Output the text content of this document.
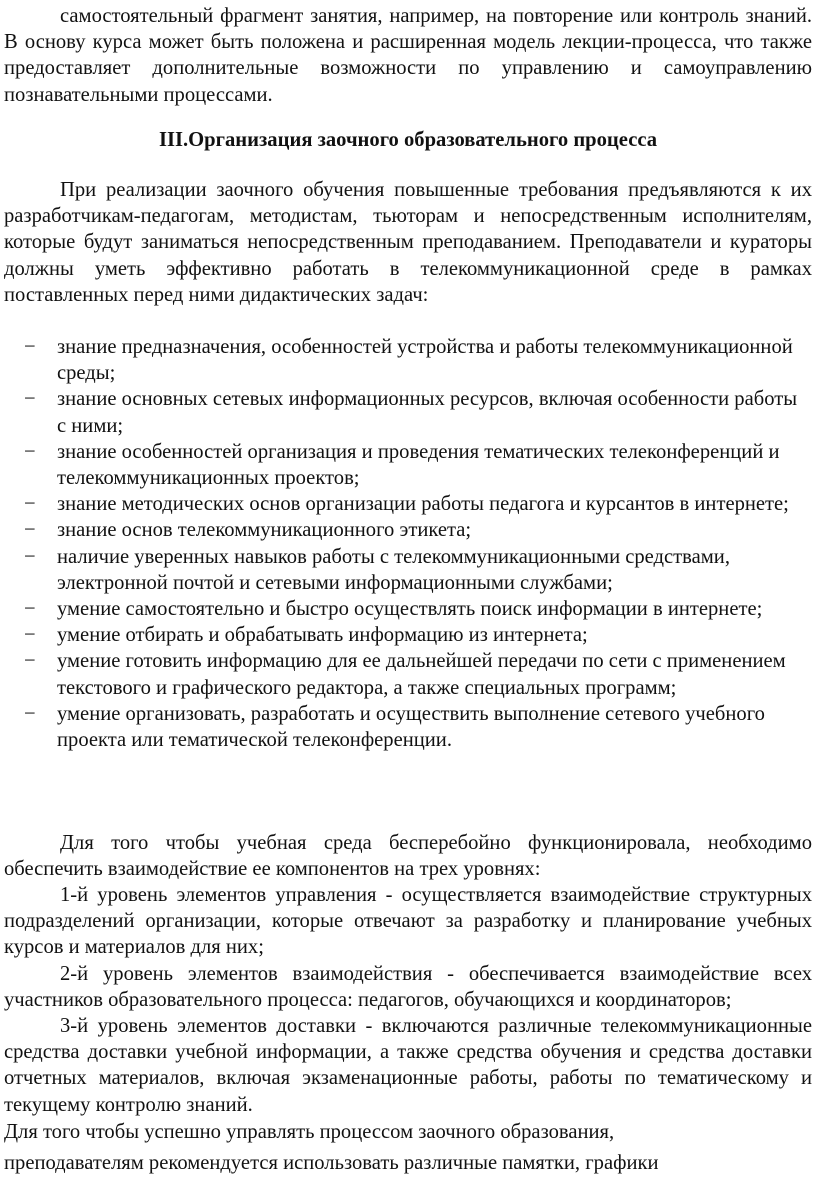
самостоятельный фрагмент занятия, например, на повторение или контроль знаний. В основу курса может быть положена и расширенная модель лекции-процесса, что также предоставляет дополнительные возможности по управлению и самоуправлению познавательными процессами.

III.Организация заочного образовательного процесса

При реализации заочного обучения повышенные требования предъявляются к их разработчикам-педагогам, методистам, тьюторам и непосредственным исполнителям, которые будут заниматься непосредственным преподаванием. Преподаватели и кураторы должны уметь эффективно работать в телекоммуникационной среде в рамках поставленных перед ними дидактических задач:

− знание предназначения, особенностей устройства и работы телекоммуникационной среды;
− знание основных сетевых информационных ресурсов, включая особенности работы с ними;
− знание особенностей организация и проведения тематических телеконференций и телекоммуникационных проектов;
− знание методических основ организации работы педагога и курсантов в интернете;
− знание основ телекоммуникационного этикета;
− наличие уверенных навыков работы с телекоммуникационными средствами, электронной почтой и сетевыми информационными службами;
− умение самостоятельно и быстро осуществлять поиск информации в интернете;
− умение отбирать и обрабатывать информацию из интернета;
− умение готовить информацию для ее дальнейшей передачи по сети с применением текстового и графического редактора, а также специальных программ;
− умение организовать, разработать и осуществить выполнение сетевого учебного проекта или тематической телеконференции.

Для того чтобы учебная среда бесперебойно функционировала, необходимо обеспечить взаимодействие ее компонентов на трех уровнях:

1-й уровень элементов управления - осуществляется взаимодействие структурных подразделений организации, которые отвечают за разработку и планирование учебных курсов и материалов для них;

2-й уровень элементов взаимодействия - обеспечивается взаимодействие всех участников образовательного процесса: педагогов, обучающихся и координаторов;

3-й уровень элементов доставки - включаются различные телекоммуникационные средства доставки учебной информации, а также средства обучения и средства доставки отчетных материалов, включая экзаменационные работы, работы по тематическому и текущему контролю знаний.

Для того чтобы успешно управлять процессом заочного образования,

преподавателям рекомендуется использовать различные памятки, графики
